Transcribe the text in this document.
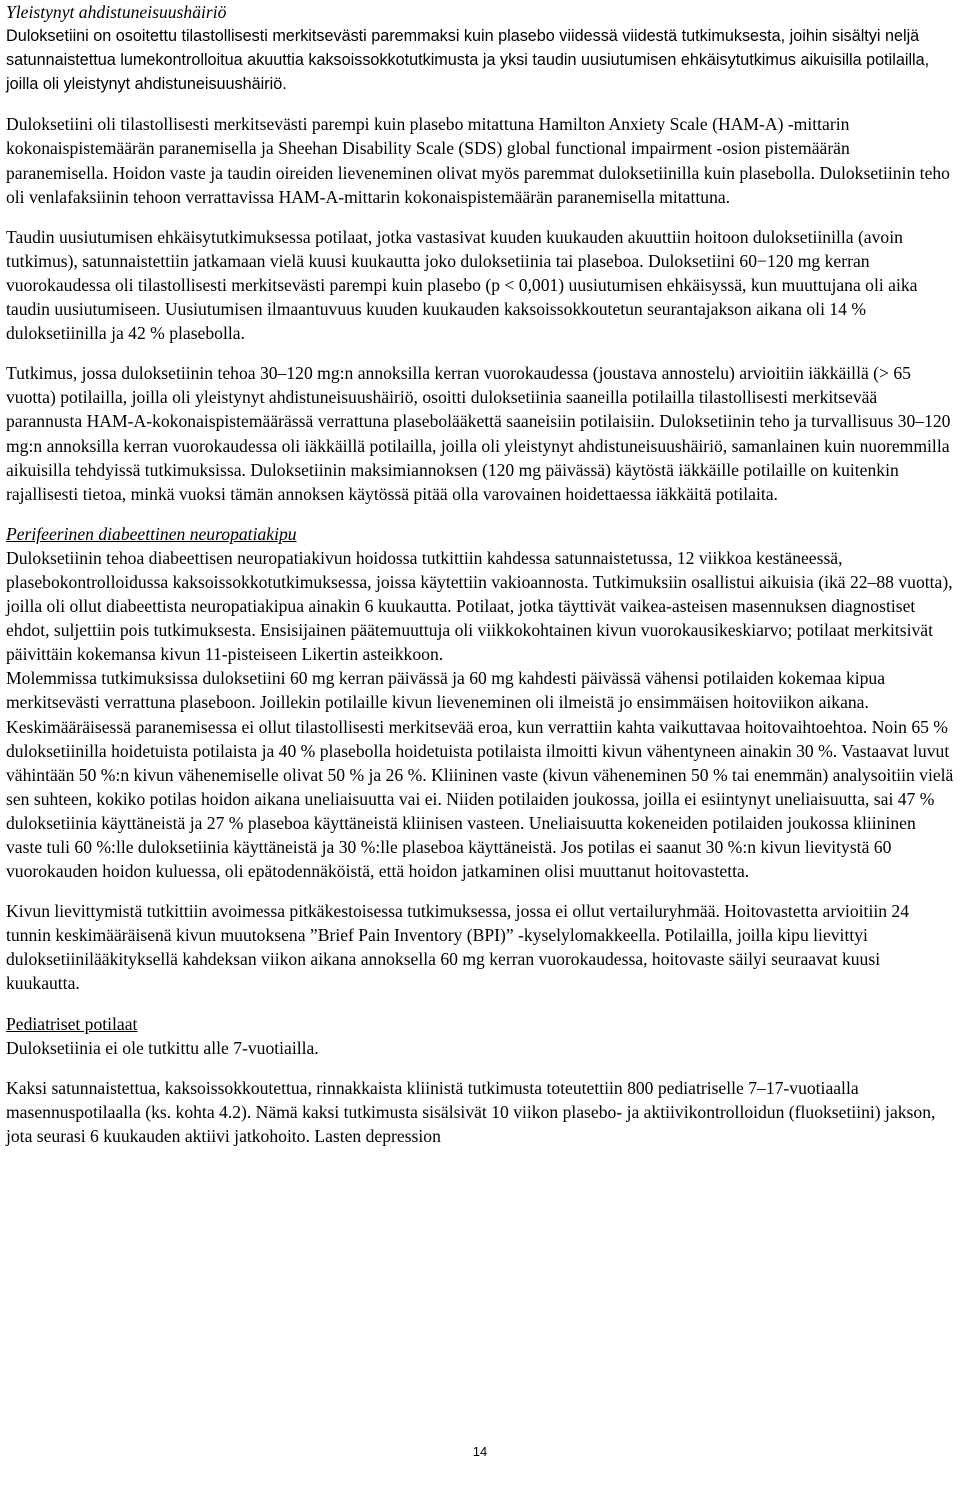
Yleistynyt ahdistuneisuushäiriö

Duloksetiini on osoitettu tilastollisesti merkitsevästi paremmaksi kuin plasebo viidessä viidestä tutkimuksesta, joihin sisältyi neljä satunnaistettua lumekontrolloitua akuuttia kaksoissokkotutkimusta ja yksi taudin uusiutumisen ehkäisytutkimus aikuisilla potilailla, joilla oli yleistynyt ahdistuneisuushäiriö.

Duloksetiini oli tilastollisesti merkitsevästi parempi kuin plasebo mitattuna Hamilton Anxiety Scale (HAM-A) -mittarin kokonaispistemäärän paranemisella ja Sheehan Disability Scale (SDS) global functional impairment -osion pistemäärän paranemisella. Hoidon vaste ja taudin oireiden lieveneminen olivat myös paremmat duloksetiinilla kuin plasebolla. Duloksetiinin teho oli venlafaksiinin tehoon verrattavissa HAM-A-mittarin kokonaispistemäärän paranemisella mitattuna.

Taudin uusiutumisen ehkäisytutkimuksessa potilaat, jotka vastasivat kuuden kuukauden akuuttiin hoitoon duloksetiinilla (avoin tutkimus), satunnaistettiin jatkamaan vielä kuusi kuukautta joko duloksetiinia tai plaseboa. Duloksetiini 60−120 mg kerran vuorokaudessa oli tilastollisesti merkitsevästi parempi kuin plasebo (p < 0,001) uusiutumisen ehkäisyssä, kun muuttujana oli aika taudin uusiutumiseen. Uusiutumisen ilmaantuvuus kuuden kuukauden kaksoissokkoutetun seurantajakson aikana oli 14 % duloksetiinilla ja 42 % plasebolla.

Tutkimus, jossa duloksetiinin tehoa 30–120 mg:n annoksilla kerran vuorokaudessa (joustava annostelu) arvioitiin iäkkäillä (> 65 vuotta) potilailla, joilla oli yleistynyt ahdistuneisuushäiriö, osoitti duloksetiinia saaneilla potilailla tilastollisesti merkitsevää parannusta HAM-A-kokonaispistemäärässä verrattuna plasebolääkettä saaneisiin potilaisiin. Duloksetiinin teho ja turvallisuus 30–120 mg:n annoksilla kerran vuorokaudessa oli iäkkäillä potilailla, joilla oli yleistynyt ahdistuneisuushäiriö, samanlainen kuin nuoremmilla aikuisilla tehdyissä tutkimuksissa. Duloksetiinin maksimiannoksen (120 mg päivässä) käytöstä iäkkäille potilaille on kuitenkin rajallisesti tietoa, minkä vuoksi tämän annoksen käytössä pitää olla varovainen hoidettaessa iäkkäitä potilaita.

Perifeerinen diabeettinen neuropatiakipu

Duloksetiinin tehoa diabeettisen neuropatiakivun hoidossa tutkittiin kahdessa satunnaistetussa, 12 viikkoa kestäneessä, plasebokontrolloidussa kaksoissokkotutkimuksessa, joissa käytettiin vakioannosta. Tutkimuksiin osallistui aikuisia (ikä 22–88 vuotta), joilla oli ollut diabeettista neuropatiakipua ainakin 6 kuukautta. Potilaat, jotka täyttivät vaikea-asteisen masennuksen diagnostiset ehdot, suljettiin pois tutkimuksesta. Ensisijainen päätemuuttuja oli viikkokohtainen kivun vuorokausikeskiarvo; potilaat merkitsivät päivittäin kokemansa kivun 11-pisteiseen Likertin asteikkoon.

Molemmissa tutkimuksissa duloksetiini 60 mg kerran päivässä ja 60 mg kahdesti päivässä vähensi potilaiden kokemaa kipua merkitsevästi verrattuna plaseboon. Joillekin potilaille kivun lieveneminen oli ilmeistä jo ensimmäisen hoitoviikon aikana. Keskimääräisessä paranemisessa ei ollut tilastollisesti merkitsevää eroa, kun verrattiin kahta vaikuttavaa hoitovaihtoehtoa. Noin 65 % duloksetiinilla hoidetuista potilaista ja 40 % plasebolla hoidetuista potilaista ilmoitti kivun vähentyneen ainakin 30 %. Vastaavat luvut vähintään 50 %:n kivun vähenemiselle olivat 50 % ja 26 %. Kliininen vaste (kivun väheneminen 50 % tai enemmän) analysoitiin vielä sen suhteen, kokiko potilas hoidon aikana uneliaisuutta vai ei. Niiden potilaiden joukossa, joilla ei esiintynyt uneliaisuutta, sai 47 % duloksetiinia käyttäneistä ja 27 % plaseboa käyttäneistä kliinisen vasteen. Uneliaisuutta kokeneiden potilaiden joukossa kliininen vaste tuli 60 %:lle duloksetiinia käyttäneistä ja 30 %:lle plaseboa käyttäneistä. Jos potilas ei saanut 30 %:n kivun lievitystä 60 vuorokauden hoidon kuluessa, oli epätodennäköistä, että hoidon jatkaminen olisi muuttanut hoitovastetta.

Kivun lievittymistä tutkittiin avoimessa pitkäkestoisessa tutkimuksessa, jossa ei ollut vertailuryhmää. Hoitovastetta arvioitiin 24 tunnin keskimääräisenä kivun muutoksena ”Brief Pain Inventory (BPI)” -kyselylomakkeella. Potilailla, joilla kipu lievittyi duloksetiinilääkityksellä kahdeksan viikon aikana annoksella 60 mg kerran vuorokaudessa, hoitovaste säilyi seuraavat kuusi kuukautta.

Pediatriset potilaat

Duloksetiinia ei ole tutkittu alle 7-vuotiailla.

Kaksi satunnaistettua, kaksoissokkoutettua, rinnakkaista kliinistä tutkimusta toteutettiin 800 pediatriselle 7–17-vuotiaalla masennuspotilaalla (ks. kohta 4.2). Nämä kaksi tutkimusta sisälsivät 10 viikon plasebo- ja aktiivikontrolloidun (fluoksetiini) jakson, jota seurasi 6 kuukauden aktiivi jatkohoito. Lasten depression

14
